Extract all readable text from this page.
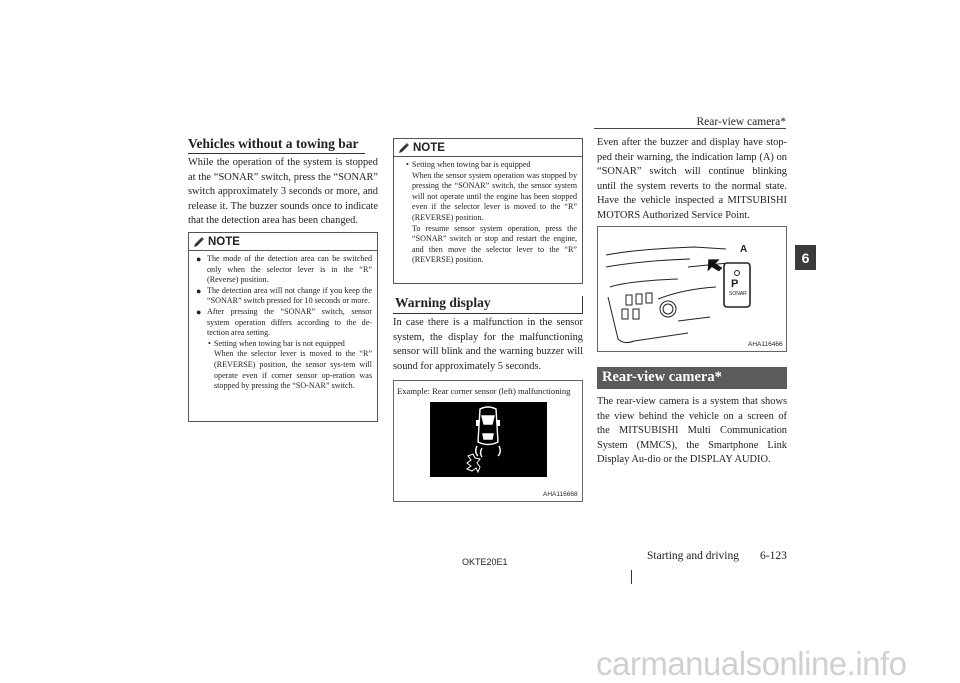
Rear-view camera*
6
Vehicles without a towing bar

While the operation of the system is stopped at the “SONAR” switch, press the “SONAR” switch approximately 3 seconds or more, and release it. The buzzer sounds once to indicate that the detection area has been changed.

NOTE

● The mode of the detection area can be switched only when the selector lever is in the “R” (Reverse) position.

● The detection area will not change if you keep the “SONAR” switch pressed for 10 seconds or more.

● After pressing the “SONAR” switch, sensor system operation differs according to the de-tection area setting.

• Setting when towing bar is not equipped

When the selector lever is moved to the “R” (REVERSE) position, the sensor sys-tem will operate even if corner sensor op-eration was stopped by pressing the “SO-NAR” switch.

NOTE

• Setting when towing bar is equipped

When the sensor system operation was stopped by pressing the “SONAR” switch, the sensor system will not operate until the engine has been stopped even if the selector lever is moved to the “R” (REVERSE) position.

To resume sensor system operation, press the “SONAR” switch or stop and restart the engine, and then move the selector lever to the “R” (REVERSE) position.

Warning display

In case there is a malfunction in the sensor system, the display for the malfunctioning sensor will blink and the warning buzzer will sound for approximately 5 seconds.

Example: Rear corner sensor (left) malfunctioning
AHA116668

Even after the buzzer and display have stop-ped their warning, the indication lamp (A) on “SONAR” switch will continue blinking until the system reverts to the normal state. Have the vehicle inspected a MITSUBISHI MOTORS Authorized Service Point.

A
P
SONAR
AHA116466
Rear-view camera*

The rear-view camera is a system that shows the view behind the vehicle on a screen of the MITSUBISHI Multi Communication System (MMCS), the Smartphone Link Display Au-dio or the DISPLAY AUDIO.

OKTE20E1	Starting and driving 6-123
carmanualsonline.info
